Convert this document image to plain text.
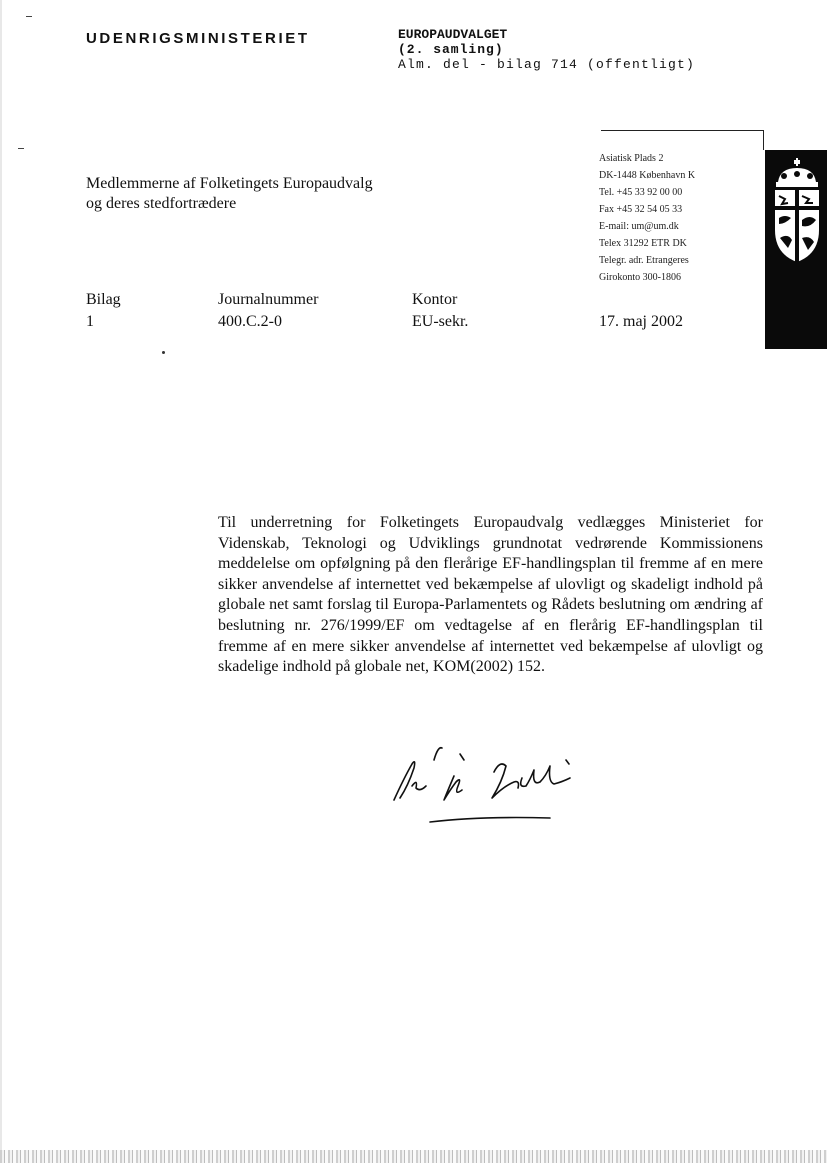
UDENRIGSMINISTERIET	EUROPAUDVALGET
(2. samling)
Alm. del - bilag 714 (offentligt)
Medlemmerne af Folketingets Europaudvalg
og deres stedfortrædere
Asiatisk Plads 2
DK-1448 København K
Tel. +45 33 92 00 00
Fax +45 32 54 05 33
E-mail: um@um.dk
Telex 31292 ETR DK
Telegr. adr. Etrangeres
Girokonto 300-1806
Bilag
1
Journalnummer
400.C.2-0
Kontor
EU-sekr.	17. maj 2002
Til underretning for Folketingets Europaudvalg vedlægges Ministeriet for Videnskab, Teknologi og Udviklings grundnotat vedrørende Kommissionens meddelelse om opfølgning på den flerårige EF-handlingsplan til fremme af en mere sikker anvendelse af internettet ved bekæmpelse af ulovligt og skadeligt indhold på globale net samt forslag til Europa-Parlamentets og Rådets beslutning om ændring af beslutning nr. 276/1999/EF om vedtagelse af en flerårig EF-handlingsplan til fremme af en mere sikker anvendelse af internettet ved bekæmpelse af ulovligt og skadelige indhold på globale net, KOM(2002) 152.
